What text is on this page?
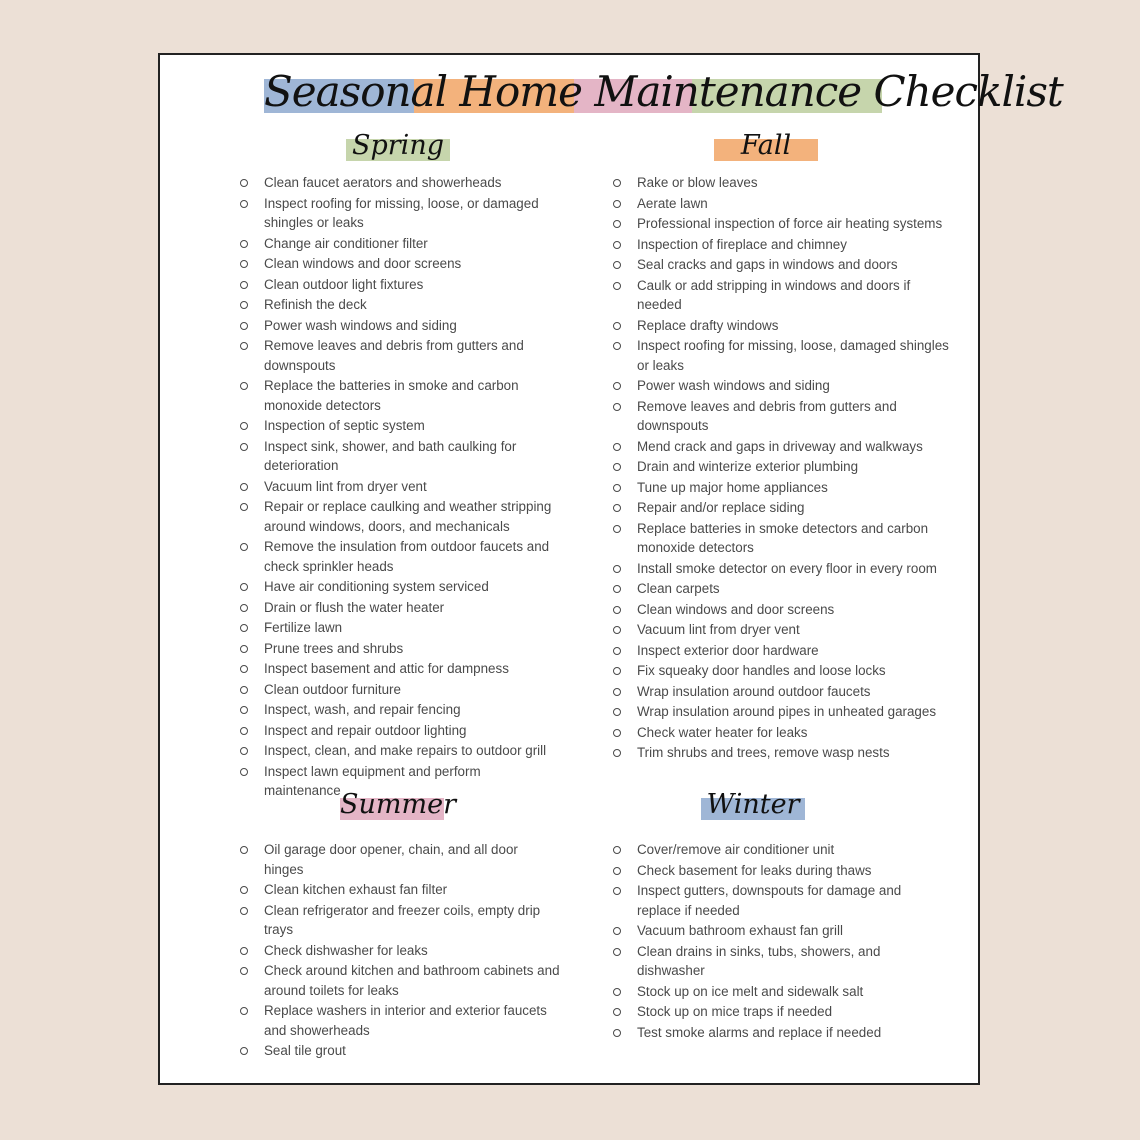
Seasonal Home Maintenance Checklist
Spring
Clean faucet aerators and showerheads
Inspect roofing for missing, loose, or damaged shingles or leaks
Change air conditioner filter
Clean windows and door screens
Clean outdoor light fixtures
Refinish the deck
Power wash windows and siding
Remove leaves and debris from gutters and downspouts
Replace the batteries in smoke and carbon monoxide detectors
Inspection of septic system
Inspect sink, shower, and bath caulking for deterioration
Vacuum lint from dryer vent
Repair or replace caulking and weather stripping around windows, doors, and mechanicals
Remove the insulation from outdoor faucets and check sprinkler heads
Have air conditioning system serviced
Drain or flush the water heater
Fertilize lawn
Prune trees and shrubs
Inspect basement and attic for dampness
Clean outdoor furniture
Inspect, wash, and repair fencing
Inspect and repair outdoor lighting
Inspect, clean, and make repairs to outdoor grill
Inspect lawn equipment and perform maintenance
Fall
Rake or blow leaves
Aerate lawn
Professional inspection of force air heating systems
Inspection of fireplace and chimney
Seal cracks and gaps in windows and doors
Caulk or add stripping in windows and doors if needed
Replace drafty windows
Inspect roofing for missing, loose, damaged shingles or leaks
Power wash windows and siding
Remove leaves and debris from gutters and downspouts
Mend crack and gaps in driveway and walkways
Drain and winterize exterior plumbing
Tune up major home appliances
Repair and/or replace siding
Replace batteries in smoke detectors and carbon monoxide detectors
Install smoke detector on every floor in every room
Clean carpets
Clean windows and door screens
Vacuum lint from dryer vent
Inspect exterior door hardware
Fix squeaky door handles and loose locks
Wrap insulation around outdoor faucets
Wrap insulation around pipes in unheated garages
Check water heater for leaks
Trim shrubs and trees, remove wasp nests
Summer
Oil garage door opener, chain, and all door hinges
Clean kitchen exhaust fan filter
Clean refrigerator and freezer coils, empty drip trays
Check dishwasher for leaks
Check around kitchen and bathroom cabinets and around toilets for leaks
Replace washers in interior and exterior faucets and showerheads
Seal tile grout
Winter
Cover/remove air conditioner unit
Check basement for leaks during thaws
Inspect gutters, downspouts for damage and replace if needed
Vacuum bathroom exhaust fan grill
Clean drains in sinks, tubs, showers, and dishwasher
Stock up on ice melt and sidewalk salt
Stock up on mice traps if needed
Test smoke alarms and replace if needed
